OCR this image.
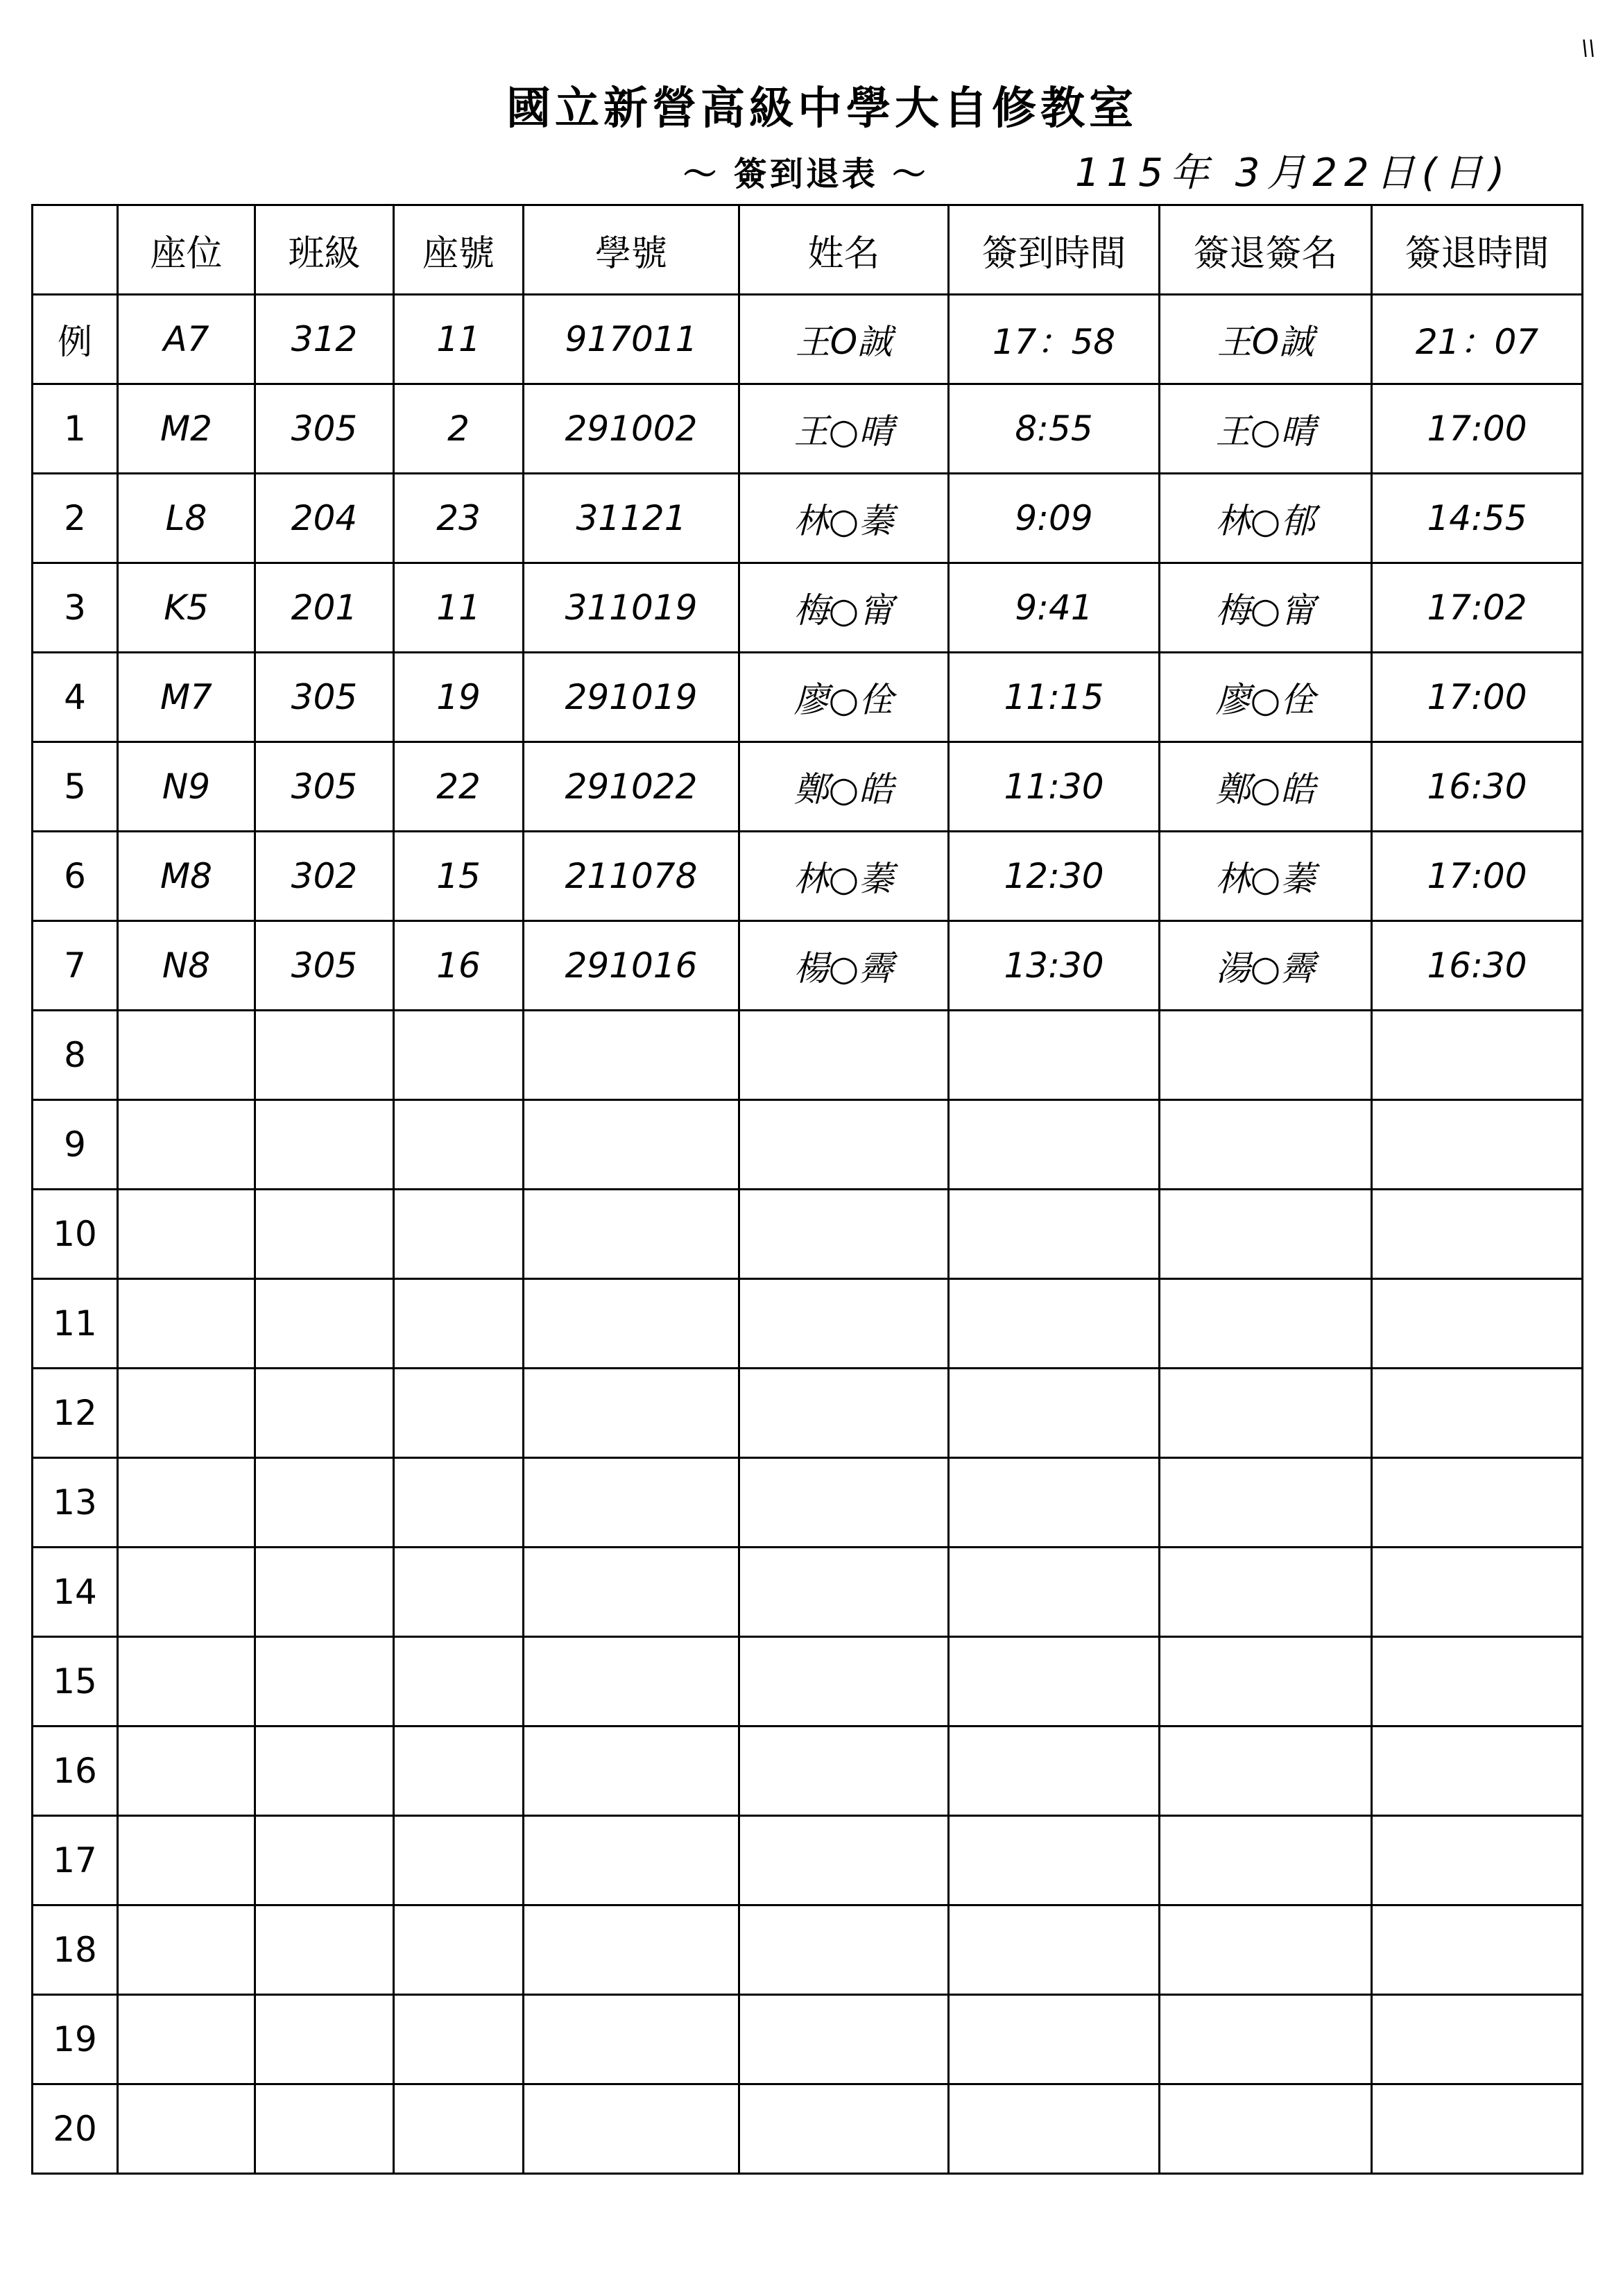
\\
國立新營高級中學大自修教室
～ 簽到退表 ～	115年 3月22日(日)
	座位	班級	座號	學號	姓名	簽到時間	簽退簽名	簽退時間
例	A7	312	11	917011	王O誠	17：58	王O誠	21：07
1	M2	305	2	291002	王○晴	8:55	王○晴	17:00
2	L8	204	23	31121	林○蓁	9:09	林○郁	14:55
3	K5	201	11	311019	梅○甯	9:41	梅○甯	17:02
4	M7	305	19	291019	廖○佺	11:15	廖○佺	17:00
5	N9	305	22	291022	鄭○皓	11:30	鄭○皓	16:30
6	M8	302	15	211078	林○蓁	12:30	林○蓁	17:00
7	N8	305	16	291016	楊○霽	13:30	湯○霽	16:30
8								
9								
10								
11								
12								
13								
14								
15								
16								
17								
18								
19								
20								
